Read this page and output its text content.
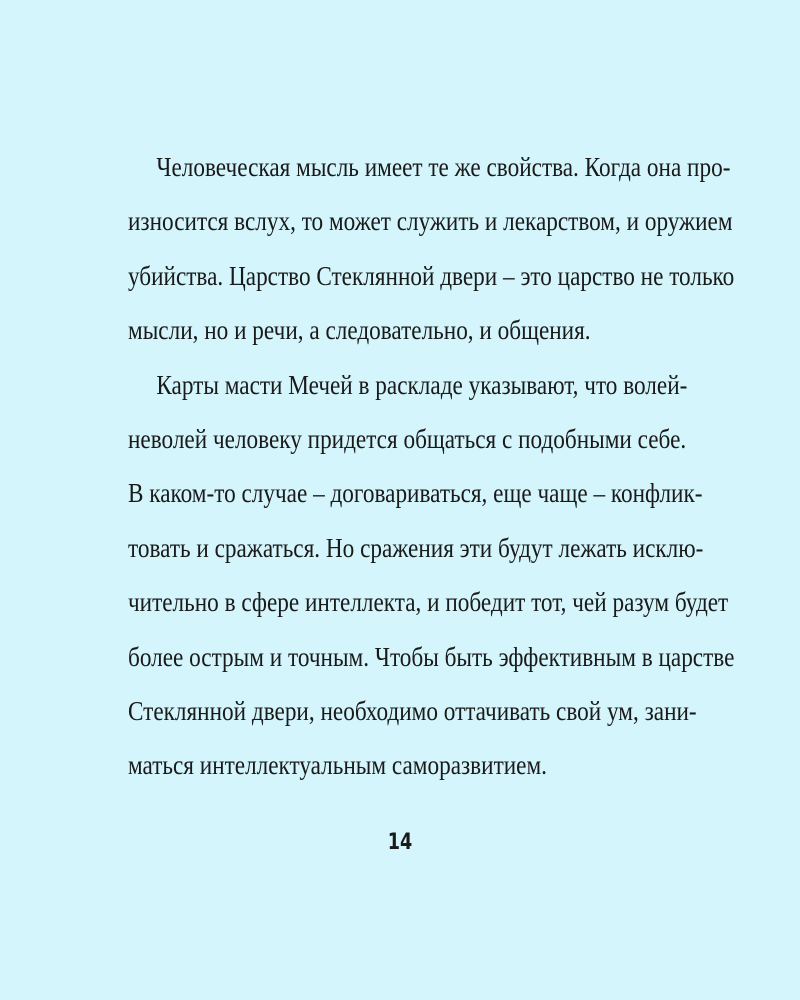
Человеческая мысль имеет те же свойства. Когда она про-
износится вслух, то может служить и лекарством, и оружием
убийства. Царство Стеклянной двери – это царство не только
мысли, но и речи, а следовательно, и общения.
Карты масти Мечей в раскладе указывают, что волей-
неволей человеку придется общаться с подобными себе.
В каком-то случае – договариваться, еще чаще – конфлик-
товать и сражаться. Но сражения эти будут лежать исклю-
чительно в сфере интеллекта, и победит тот, чей разум будет
более острым и точным. Чтобы быть эффективным в царстве
Стеклянной двери, необходимо оттачивать свой ум, зани-
маться интеллектуальным саморазвитием.
14
